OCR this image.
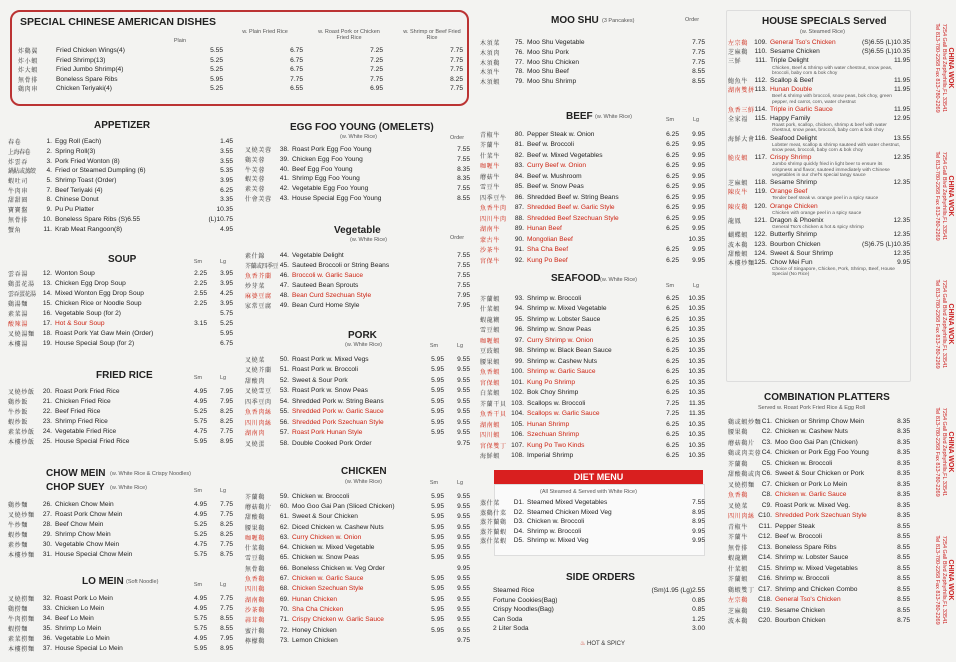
SPECIAL CHINESE AMERICAN DISHES
Plain
w. Plain Fried Rice	w. Roast Pork or Chicken Fried Rice
w. Shrimp or Beef Fried Rice
炸 鷄 翼	Fried Chicken Wings(4)	5.55	6.75	7.25	7.75
炸 小 蝦	Fried Shrimp(13)	5.25	6.75	7.25	7.75
炸 大 蝦	Fried Jumbo Shrimp(4)	5.25	6.75	7.25	7.75
無 骨 排	Boneless Spare Ribs	5.95	7.75	7.75	8.25
鷄 肉 串	Chicken Teriyaki(4)	5.25	6.55	6.95	7.75
APPETIZER
春 卷	1. Egg Roll (Each)	1.45
上海春卷	2. Spring Roll(3)	3.55
炸 雲 吞	3. Pork Fried Wonton (8)	3.55
鍋貼或蒸餃	4. Fried or Steamed Dumpling (6)	5.35
蝦 吐 司	5. Shrimp Toast (Order)	3.95
牛 肉 串	7. Beef Teriyaki (4)	6.25
甜 甜 圈	8. Chinese Donut	3.35
寶 寶 盤	9. Pu Pu Platter	10.35
無 骨 排	10. Boneless Spare Ribs (S)6.55	(L)10.75
蟹 角	11. Krab Meat Rangoon(8)	4.95
SOUP	Sm	Lg
雲 吞 湯	12. Wonton Soup	2.25	3.95
鷄 蛋 花 湯	13. Chicken Egg Drop Soup	2.25	3.95
雲吞蛋花湯	14. Mixed Wonton Egg Drop Soup	2.55	4.25
鷄 湯 麵	15. Chicken Rice or Noodle Soup	2.25	3.95
素 菜 湯	16. Vegetable Soup (for 2)	5.75
酸 辣 湯	17. Hot & Sour Soup	3.15	5.25
叉 燒 湯 麵	18. Roast Pork Yat Gaw Mein (Order)	5.95
本 樓 湯	19. House Special Soup (for 2)	6.75
FRIED RICE	Sm	Lg
叉 燒 炒 飯	20. Roast Pork Fried Rice	4.95	7.95
鷄 炒 飯	21. Chicken Fried Rice	4.95	7.95
牛 炒 飯	22. Beef Fried Rice	5.25	8.25
蝦 炒 飯	23. Shrimp Fried Rice	5.75	8.25
素 菜 炒 飯	24. Vegetable Fried Rice	4.75	7.75
本 樓 炒 飯	25. House Special Fried Rice	5.95	8.95
CHOW MEIN (w. White Rice & Crispy Noodles)
CHOP SUEY (w. White Rice)	Sm	Lg
鷄 炒 麵	26. Chicken Chow Mein	4.95	7.75
叉 燒 炒 麵	27. Roast Pork Chow Mein	4.95	7.75
牛 炒 麵	28. Beef Chow Mein	5.25	8.25
蝦 炒 麵	29. Shrimp Chow Mein	5.25	8.25
素 炒 麵	30. Vegetable Chow Mein	4.75	7.75
本 樓 炒 麵	31. House Special Chow Mein	5.75	8.75
LO MEIN (Soft Noodle)	Sm	Lg
叉 燒 撈 麵	32. Roast Pork Lo Mein	4.95	7.75
鷄 撈 麵	33. Chicken Lo Mein	4.95	7.75
牛 肉 撈 麵	34. Beef Lo Mein	5.75	8.55
蝦 撈 麵	35. Shrimp Lo Mein	5.75	8.55
素 菜 撈 麵	36. Vegetable Lo Mein	4.95	7.95
本 樓 撈 麵	37. House Special Lo Mein	5.95	8.95
EGG FOO YOUNG (OMELETS)
(w. White Rice)	Order
叉 燒 芙 蓉	38. Roast Pork Egg Foo Young	7.55
鷄 芙 蓉	39. Chicken Egg Foo Young	7.55
牛 芙 蓉	40. Beef Egg Foo Young	8.35
蝦 芙 蓉	41. Shrimp Egg Foo Young	8.35
素 芙 蓉	42. Vegetable Egg Foo Young	7.55
什 會 芙 蓉	43. House Special Egg Foo Young	8.55
Vegetable
(w. White Rice)	Order
素 什 錦	44. Vegetable Delight	7.55
芥蘭或四季豆 45. Sauteed Broccoli or String Beans	7.55
魚 香 芥 蘭	46. Broccoli w. Garlic Sauce	7.55
炒 芽 菜	47. Sauteed Bean Sprouts	7.55
麻 婆 豆 腐	48. Bean Curd Szechuan Style	7.95
家 常 豆 腐	49. Bean Curd Home Style	7.95
PORK
(w. White Rice)	Sm	Lg
叉 燒 菜	50. Roast Pork w. Mixed Vegs	5.95	9.55
叉 燒 芥 蘭	51. Roast Pork w. Broccoli	5.95	9.55
甜 酸 肉	52. Sweet & Sour Pork	5.95	9.55
叉 燒 雪 豆	53. Roast Pork w. Snow Peas	5.95	9.55
四 季 豆 肉	54. Shredded Pork w. String Beans	5.95	9.55
魚 香 肉 絲	55. Shredded Pork w. Garlic Sauce	5.95	9.55
四 川 肉 絲	56. Shredded Pork Szechuan Style	5.95	9.55
湖 南 肉	57. Roast Pork Hunan Style	5.95	9.55
叉 燒 蛋	58. Double Cooked Pork Order	9.75
CHICKEN
(w. White Rice)	Sm	Lg
芥 蘭 鷄	59. Chicken w. Broccoli	5.95	9.55
蘑 菇 鷄 片	60. Moo Goo Gai Pan (Sliced Chicken)	5.95	9.55
甜 酸 鷄	61. Sweet & Sour Chicken	5.95	9.55
腰 果 鷄	62. Diced Chicken w. Cashew Nuts	5.95	9.55
咖 喱 鷄	63. Curry Chicken w. Onion	5.95	9.55
什 菜 鷄	64. Chicken w. Mixed Vegetable	5.95	9.55
雪 豆 鷄	65. Chicken w. Snow Peas	5.95	9.55
無 骨 鷄	66. Boneless Chicken w. Veg Order	9.95
魚 香 鷄	67. Chicken w. Garlic Sauce	5.95	9.55
四 川 鷄	68. Chicken Szechuan Style	5.95	9.55
湖 南 鷄	69. Hunan Chicken	5.95	9.55
沙 茶 鷄	70. Sha Cha Chicken	5.95	9.55
蒜 茸 鷄	71. Crispy Chicken w. Garlic Sauce	5.95	9.55
蜜 汁 鷄	72. Honey Chicken	5.95	9.55
檸 檬 鷄	73. Lemon Chicken	9.75
MOO SHU (3 Pancakes)	Order
木 須 菜	75. Moo Shu Vegetable	7.75
木 須 肉	76. Moo Shu Pork	7.75
木 須 鷄	77. Moo Shu Chicken	7.75
木 須 牛	78. Moo Shu Beef	8.55
木 須 蝦	79. Moo Shu Shrimp	8.55
BEEF (w. White Rice)	Sm	Lg
青 椒 牛	80. Pepper Steak w. Onion	6.25	9.95
芥 蘭 牛	81. Beef w. Broccoli	6.25	9.95
什 菜 牛	82. Beef w. Mixed Vegetables	6.25	9.95
咖 喱 牛	83. Curry Beef w. Onion	6.25	9.95
蘑 菇 牛	84. Beef w. Mushroom	6.25	9.95
雪 豆 牛	85. Beef w. Snow Peas	6.25	9.95
四 季 豆 牛	86. Shredded Beef w. String Beans	6.25	9.95
魚 香 牛 肉	87. Shredded Beef w. Garlic Style	6.25	9.95
四 川 牛 肉	88. Shredded Beef Szechuan Style	6.25	9.95
湖 南 牛	89. Hunan Beef	6.25	9.95
蒙 古 牛	90. Mongolian Beef	10.35
沙 茶 牛	91. Sha Cha Beef	6.25	9.95
宮 保 牛	92. Kung Po Beef	6.25	9.95
SEAFOOD (w. White Rice)
Sm	Lg
芥 蘭 蝦	93. Shrimp w. Broccoli	6.25	10.35
什 菜 蝦	94. Shrimp w. Mixed Vegetable	6.25	10.35
蝦 龍 糊	95. Shrimp w. Lobster Sauce	6.25	10.35
雪 豆 蝦	96. Shrimp w. Snow Peas	6.25	10.35
咖 喱 蝦	97. Curry Shrimp w. Onion	6.25	10.35
豆 豉 蝦	98. Shrimp w. Black Bean Sauce	6.25	10.35
腰 果 蝦	99. Shrimp w. Cashew Nuts	6.25	10.35
魚 香 蝦	100. Shrimp w. Garlic Sauce	6.25	10.35
宮 保 蝦	101. Kung Po Shrimp	6.25	10.35
白 菜 蝦	102. Bok Choy Shrimp	6.25	10.35
芥 蘭 干 貝 103. Scallops w. Broccoli	7.25	11.35
魚 香 干 貝 104. Scallops w. Garlic Sauce	7.25	11.35
湖 南 蝦	105. Hunan Shrimp	6.25	10.35
四 川 蝦	106. Szechuan Shrimp	6.25	10.35
宮 保 雙 丁 107. Kung Po Two Kinds	6.25	10.35
海 鮮 蝦	108. Imperial Shrimp	6.25	10.35
DIET MENU
(All Steamed & Served with White Rice)
蒸 什 菜	D1. Steamed Mixed Vegetables	7.55
蒸 鷄 什 菜	D2. Steamed Chicken Mixed Veg	8.95
蒸 芥 蘭 鷄	D3. Chicken w. Broccoli	8.95
蒸 芥 蘭 蝦	D4. Shrimp w. Broccoli	9.95
蒸 什 菜 蝦	D5. Shrimp w. Mixed Veg	9.95
SIDE ORDERS
Steamed Rice	(Sm)1.95 (Lg)2.55
Fortune Cookies(Bag)	0.85
Crispy Noodles(Bag)	0.85
Can Soda	1.25
2 Liter Soda	3.00
♨ HOT & SPICY
HOUSE SPECIALS Served
(w. Steamed Rice)
左 宗 鷄	109. General Tso's Chicken	(S)6.55 (L)10.35
芝 麻 鷄	110. Sesame Chicken	(S)6.55 (L)10.35
三 鮮	111. Triple Delight	11.95
Chicken, Beef & Shrimp with water chestnut, snow peas, broccoli, baby corn & bok choy
鮑 魚 牛	112. Scallop & Beef	11.95
湖 南 雙 拼 113. Hunan Double	11.95
Beef & shrimp with broccoli, snow peas, bok choy, green pepper, red carrot, corn, water chestnut
魚 香 三 鮮 114. Triple in Garlic Sauce	11.95
全 家 福	115. Happy Family	12.95
Roast pork, scallop, chicken, shrimp & beef with water chestnut, snow peas, broccoli, baby corn & bok choy
海 鮮 大 會 116. Seafood Delight	13.55
Lobster meat, scallop & shrimp sauteed with water chestnut, snow peas, broccoli, baby corn & bok choy
脆 皮 蝦	117. Crispy Shrimp	12.35
Jumbo shrimp quickly fried in light beer to ensure its crispness and flavor, sauteed immediately with Chinese vegetables in our chef's special tangy sauce
芝 麻 蝦	118. Sesame Shrimp	12.35
陳 皮 牛	119. Orange Beef
Tender beef steak w. orange peel in a spicy sauce
陳 皮 鷄	120. Orange Chicken
Chicken with orange peel in a spicy sauce
龍 鳳	121. Dragon & Phoenix	12.35
General Tso's chicken & hot & spicy shrimp
蝴 蝶 蝦	122. Butterfly Shrimp	12.35
波 本 鷄	123. Bourbon Chicken	(S)6.75 (L)10.35
甜 酸 蝦	124. Sweet & Sour Shrimp	12.35
本 樓 炒 麵 125. Chow Mei Fun	9.95
Choice of Singapore, Chicken, Pork, Shrimp, Beef, House Special (No Rice)
COMBINATION PLATTERS
Served w. Roast Pork Fried Rice & Egg Roll
鷄 或 蝦 炒 麵 C1. Chicken or Shrimp Chow Mein	8.35
腰 果 鷄	C2. Chicken w. Cashew Nuts	8.35
蘑 菇 鷄 片	C3. Moo Goo Gai Pan (Chicken)	8.35
鷄 或 肉 芙 蓉 C4. Chicken or Pork Egg Foo Young	8.35
芥 蘭 鷄	C5. Chicken w. Broccoli	8.35
甜 酸 鷄 或 肉 C6. Sweet & Sour Chicken or Pork	8.35
叉 燒 撈 麵	C7. Chicken or Pork Lo Mein	8.35
魚 香 鷄	C8. Chicken w. Garlic Sauce	8.35
叉 燒 菜	C9. Roast Pork w. Mixed Veg.	8.35
四 川 肉 絲 C10. Shredded Pork Szechuan Style	8.35
青 椒 牛	C11. Pepper Steak	8.55
芥 蘭 牛	C12. Beef w. Broccoli	8.55
無 骨 排	C13. Boneless Spare Ribs	8.55
蝦 龍 糊	C14. Shrimp w. Lobster Sauce	8.55
什 菜 蝦	C15. Shrimp w. Mixed Vegetables	8.55
芥 蘭 蝦	C16. Shrimp w. Broccoli	8.55
鷄 蝦 雙 丁 C17. Shrimp and Chicken Combo	8.55
左 宗 鷄	C18. General Tso's Chicken	8.55
芝 麻 鷄	C19. Sesame Chicken	8.55
波 本 鷄	C20. Bourbon Chicken	8.75
CHINA WOK
7254 Gall Blvd Zephyrhills,FL 33541
Tel 813-780-2268 Fax 813-780-2269
CHINA WOK
7254 Gall Blvd Zephyrhills,FL 33541
Tel 813-780-2268 Fax 813-780-2269
CHINA WOK
7254 Gall Blvd Zephyrhills,FL 33541
Tel 813-780-2268 Fax 813-780-2269
CHINA WOK
7254 Gall Blvd Zephyrhills,FL 33541
Tel 813-780-2268 Fax 813-780-2269
CHINA WOK
7254 Gall Blvd Zephyrhills,FL 33541
Tel 813-780-2268 Fax 813-780-2269
